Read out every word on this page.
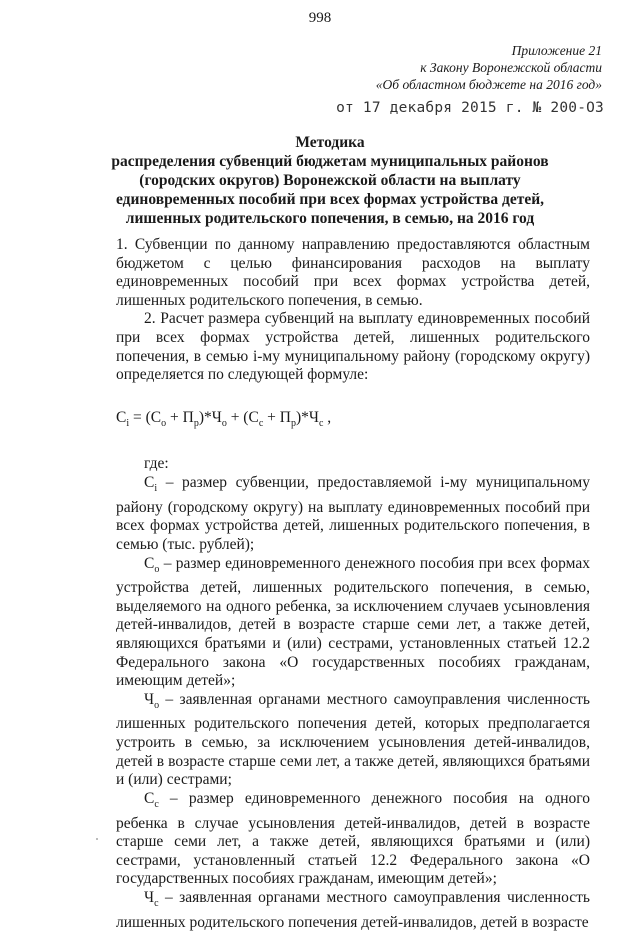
998
Приложение 21
к Закону Воронежской области
«Об областном бюджете на 2016 год»
от 17 декабря 2015 г. № 200-ОЗ
Методика
распределения субвенций бюджетам муниципальных районов
(городских округов) Воронежской области на выплату
единовременных пособий при всех формах устройства детей,
лишенных родительского попечения, в семью, на 2016 год
1. Субвенции по данному направлению предоставляются областным бюджетом с целью финансирования расходов на выплату единовременных пособий при всех формах устройства детей, лишенных родительского попечения, в семью.
2. Расчет размера субвенций на выплату единовременных пособий при всех формах устройства детей, лишенных родительского попечения, в семью i-му муниципальному району (городскому округу) определяется по следующей формуле:
$С_i = (С_о + П_р)*Ч_о + (С_с + П_р)*Ч_с$ ,
где:
$С_i$ – размер субвенции, предоставляемой i-му муниципальному району (городскому округу) на выплату единовременных пособий при всех формах устройства детей, лишенных родительского попечения, в семью (тыс. рублей);
$С_о$ – размер единовременного денежного пособия при всех формах устройства детей, лишенных родительского попечения, в семью, выделяемого на одного ребенка, за исключением случаев усыновления детей-инвалидов, детей в возрасте старше семи лет, а также детей, являющихся братьями и (или) сестрами, установленных статьей 12.2 Федерального закона «О государственных пособиях гражданам, имеющим детей»;
$Ч_о$ – заявленная органами местного самоуправления численность лишенных родительского попечения детей, которых предполагается устроить в семью, за исключением усыновления детей-инвалидов, детей в возрасте старше семи лет, а также детей, являющихся братьями и (или) сестрами;
$С_с$ – размер единовременного денежного пособия на одного ребенка в случае усыновления детей-инвалидов, детей в возрасте старше семи лет, а также детей, являющихся братьями и (или) сестрами, установленный статьей 12.2 Федерального закона «О государственных пособиях гражданам, имеющим детей»;
$Ч_с$ – заявленная органами местного самоуправления численность лишенных родительского попечения детей-инвалидов, детей в возрасте
